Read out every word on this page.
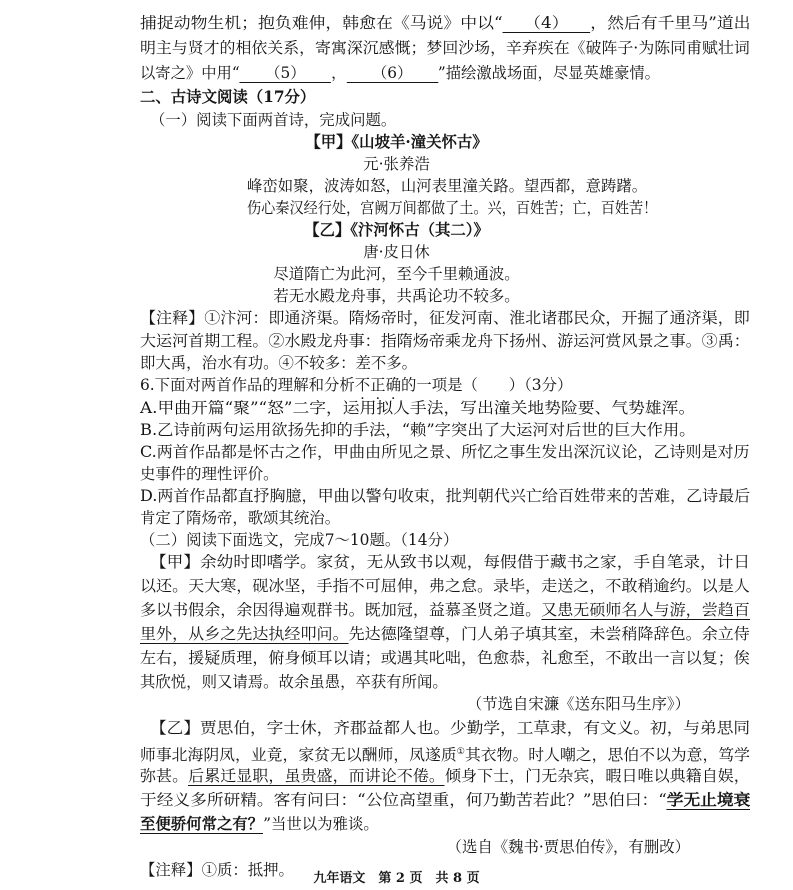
捕捉动物生机；抱负难伸，韩愈在《马说》中以“ （4） ，然后有千里马”道出
明主与贤才的相依关系，寄寓深沉感慨；梦回沙场，辛弃疾在《破阵子·为陈同甫赋壮词
以寄之》中用“ （5） ， （6） ”描绘激战场面，尽显英雄豪情。
二、古诗文阅读（17分）
（一）阅读下面两首诗，完成问题。
【甲】《山坡羊·潼关怀古》
元·张养浩
峰峦如聚，波涛如怒，山河表里潼关路。望西都，意踌躇。
伤心秦汉经行处，宫阙万间都做了土。兴，百姓苦；亡，百姓苦！
【乙】《汴河怀古（其二）》
唐·皮日休
尽道隋亡为此河，至今千里赖通波。
若无水殿龙舟事，共禹论功不较多。
【注释】①汴河：即通济渠。隋炀帝时，征发河南、淮北诸郡民众，开掘了通济渠，即
大运河首期工程。②水殿龙舟事：指隋炀帝乘龙舟下扬州、游运河赏风景之事。③禹：
即大禹，治水有功。④不较多：差不多。
6.下面对两首作品的理解和分析不正确的一项是（　　）（3分）
A.甲曲开篇“聚”“怒”二字，运用拟人手法，写出潼关地势险要、气势雄浑。
B.乙诗前两句运用欲扬先抑的手法，“赖”字突出了大运河对后世的巨大作用。
C.两首作品都是怀古之作，甲曲由所见之景、所忆之事生发出深沉议论，乙诗则是对历
史事件的理性评价。
D.两首作品都直抒胸臆，甲曲以警句收束，批判朝代兴亡给百姓带来的苦难，乙诗最后
肯定了隋炀帝，歌颂其统治。
（二）阅读下面选文，完成7～10题。（14分）
【甲】余幼时即嗜学。家贫，无从致书以观，每假借于藏书之家，手自笔录，计日
以还。天大寒，砚冰坚，手指不可屈伸，弗之怠。录毕，走送之，不敢稍逾约。以是人
多以书假余，余因得遍观群书。既加冠，益慕圣贤之道。又患无硕师名人与游，尝趋百
里外，从乡之先达执经叩问。先达德隆望尊，门人弟子填其室，未尝稍降辞色。余立侍
左右，援疑质理，俯身倾耳以请；或遇其叱咄，色愈恭，礼愈至，不敢出一言以复；俟
其欣悦，则又请焉。故余虽愚，卒获有所闻。
（节选自宋濂《送东阳马生序》）
【乙】贾思伯，字士休，齐郡益都人也。少勤学，工草隶，有文义。初，与弟思同
师事北海阴凤，业竟，家贫无以酬师，凤遂质①其衣物。时人嘲之，思伯不以为意，笃学
弥甚。后累迁显职，虽贵盛，而讲论不倦。倾身下士，门无杂宾，暇日唯以典籍自娱，
于经义多所研精。客有问曰：“公位高望重，何乃勤苦若此？”思伯曰：“学无止境衰
至便骄何常之有？”当世以为雅谈。
（选自《魏书·贾思伯传》，有删改）
【注释】①质：抵押。	九年语文　第 2 页　共 8 页
